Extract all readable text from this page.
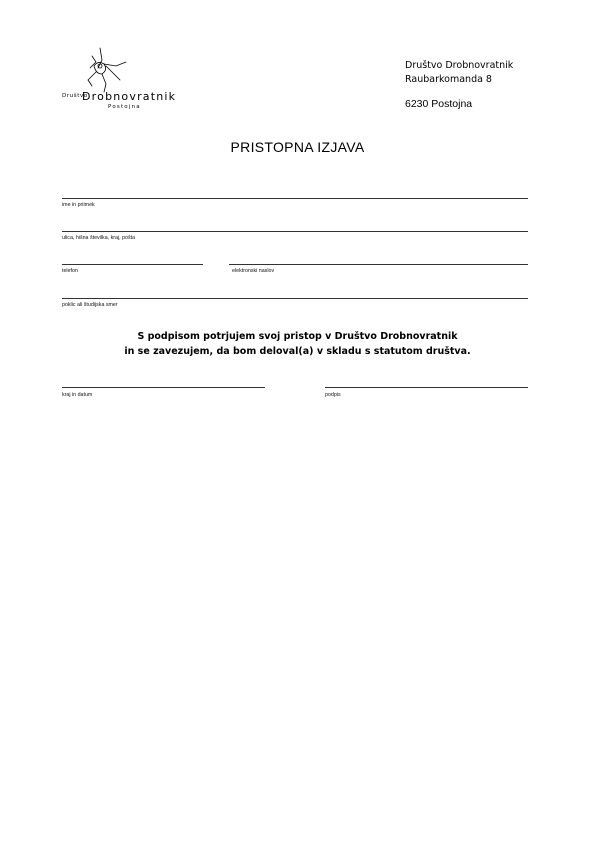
Društvo
Drobnovratnik
Postojna
Društvo Drobnovratnik
Raubarkomanda 8
6230 Postojna
PRISTOPNA IZJAVA
ime in priimek
ulica, hišna številka, kraj, pošta
telefon	elektronski naslov
poklic ali študijska smer
S podpisom potrjujem svoj pristop v Društvo Drobnovratnik
in se zavezujem, da bom deloval(a) v skladu s statutom društva.
kraj in datum	podpis
